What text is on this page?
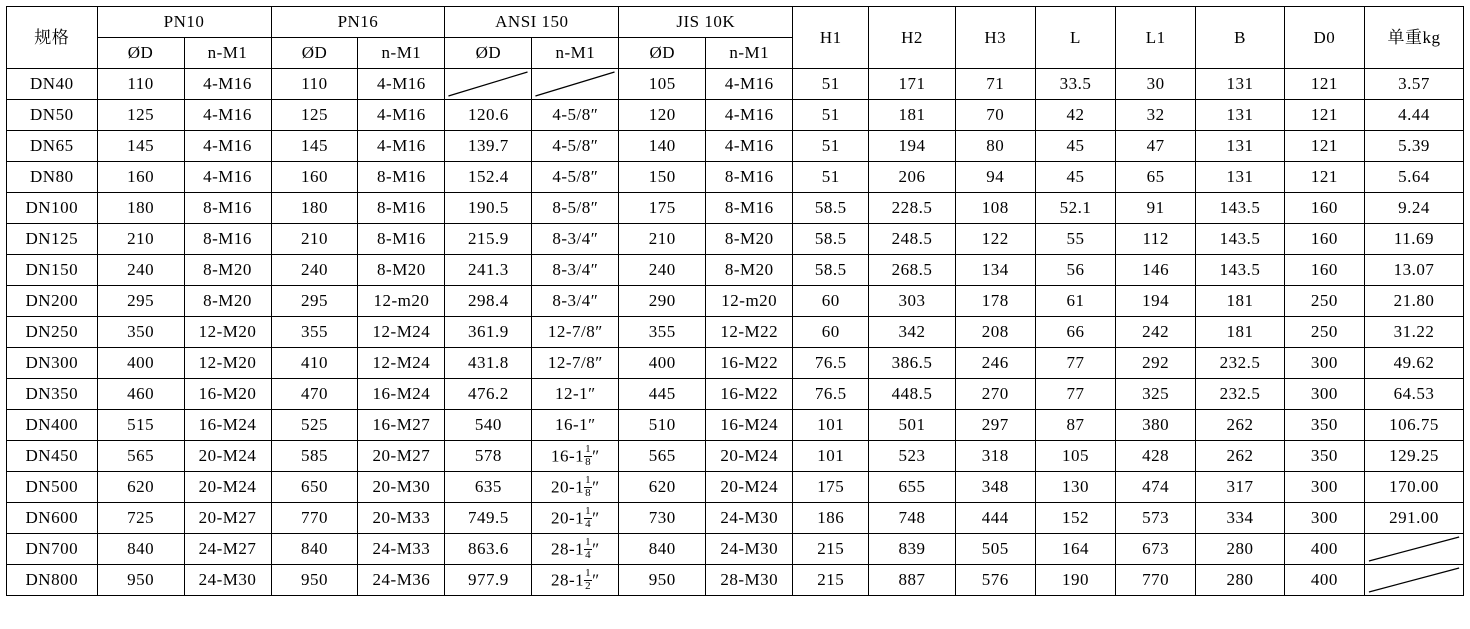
规格	PN10		PN16		ANSI 150		JIS 10K		H1	H2	H3	L	L1	B	D0	单重kg
	ØD	n-M1	ØD	n-M1	ØD	n-M1	ØD	n-M1								
DN40	110	4-M16	110	4-M16			105	4-M16	51	171	71	33.5	30	131	121	3.57
DN50	125	4-M16	125	4-M16	120.6	4-5/8″	120	4-M16	51	181	70	42	32	131	121	4.44
DN65	145	4-M16	145	4-M16	139.7	4-5/8″	140	4-M16	51	194	80	45	47	131	121	5.39
DN80	160	4-M16	160	8-M16	152.4	4-5/8″	150	8-M16	51	206	94	45	65	131	121	5.64
DN100	180	8-M16	180	8-M16	190.5	8-5/8″	175	8-M16	58.5	228.5	108	52.1	91	143.5	160	9.24
DN125	210	8-M16	210	8-M16	215.9	8-3/4″	210	8-M20	58.5	248.5	122	55	112	143.5	160	11.69
DN150	240	8-M20	240	8-M20	241.3	8-3/4″	240	8-M20	58.5	268.5	134	56	146	143.5	160	13.07
DN200	295	8-M20	295	12-m20	298.4	8-3/4″	290	12-m20	60	303	178	61	194	181	250	21.80
DN250	350	12-M20	355	12-M24	361.9	12-7/8″	355	12-M22	60	342	208	66	242	181	250	31.22
DN300	400	12-M20	410	12-M24	431.8	12-7/8″	400	16-M22	76.5	386.5	246	77	292	232.5	300	49.62
DN350	460	16-M20	470	16-M24	476.2	12-1″	445	16-M22	76.5	448.5	270	77	325	232.5	300	64.53
DN400	515	16-M24	525	16-M27	540	16-1″	510	16-M24	101	501	297	87	380	262	350	106.75
DN450	565	20-M24	585	20-M27	578	$16-1 \frac{1}{8}$ ″	565	20-M24	101	523	318	105	428	262	350	129.25
DN500	620	20-M24	650	20-M30	635	$20-1 \frac{1}{8}$ ″	620	20-M24	175	655	348	130	474	317	300	170.00
DN600	725	20-M27	770	20-M33	749.5	$20-1 \frac{1}{4}$ ″	730	24-M30	186	748	444	152	573	334	300	291.00
DN700	840	24-M27	840	24-M33	863.6	$28-1 \frac{1}{4}$ ″	840	24-M30	215	839	505	164	673	280	400	

DN800	950	24-M30	950	24-M36	977.9	$28-1 \frac{1}{2}$ ″	950	28-M30	215	887	576	190	770	280	400	
